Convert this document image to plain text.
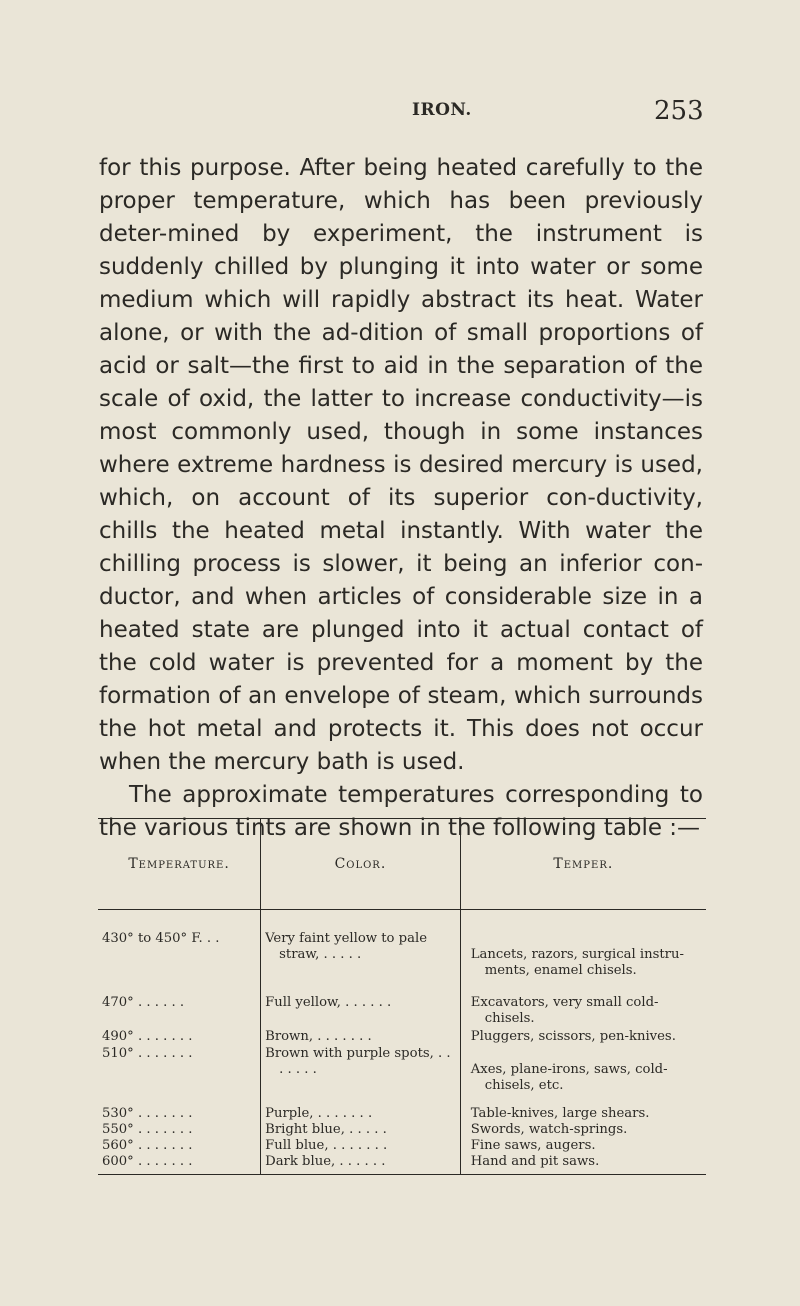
IRON.	253

for this purpose. After being heated carefully to the proper temperature, which has been previously deter-mined by experiment, the instrument is suddenly chilled by plunging it into water or some medium which will rapidly abstract its heat. Water alone, or with the ad-dition of small proportions of acid or salt—the first to aid in the separation of the scale of oxid, the latter to increase conductivity—is most commonly used, though in some instances where extreme hardness is desired mercury is used, which, on account of its superior con-ductivity, chills the heated metal instantly. With water the chilling process is slower, it being an inferior con-ductor, and when articles of considerable size in a heated state are plunged into it actual contact of the cold water is prevented for a moment by the formation of an envelope of steam, which surrounds the hot metal and protects it. This does not occur when the mercury bath is used.

The approximate temperatures corresponding to the various tints are shown in the following table :—

Temperature.	Color.	Temper.
430° to 450° F. . .	Very faint yellow to pale straw, . . . . .	Lancets, razors, surgical instru-ments, enamel chisels.

470° . . . . . .	Full yellow, . . . . . .	Excavators, very small cold-chisels.

490° . . . . . . .	Brown, . . . . . . .	Pluggers, scissors, pen-knives.

510° . . . . . . .	Brown with purple spots, . . . . . . .	Axes, plane-irons, saws, cold-chisels, etc.

530° . . . . . . .	Purple, . . . . . . .	Table-knives, large shears.
550° . . . . . . .	Bright blue, . . . . .	Swords, watch-springs.
560° . . . . . . .	Full blue, . . . . . . .	Fine saws, augers.
600° . . . . . . .	Dark blue, . . . . . .	Hand and pit saws.
